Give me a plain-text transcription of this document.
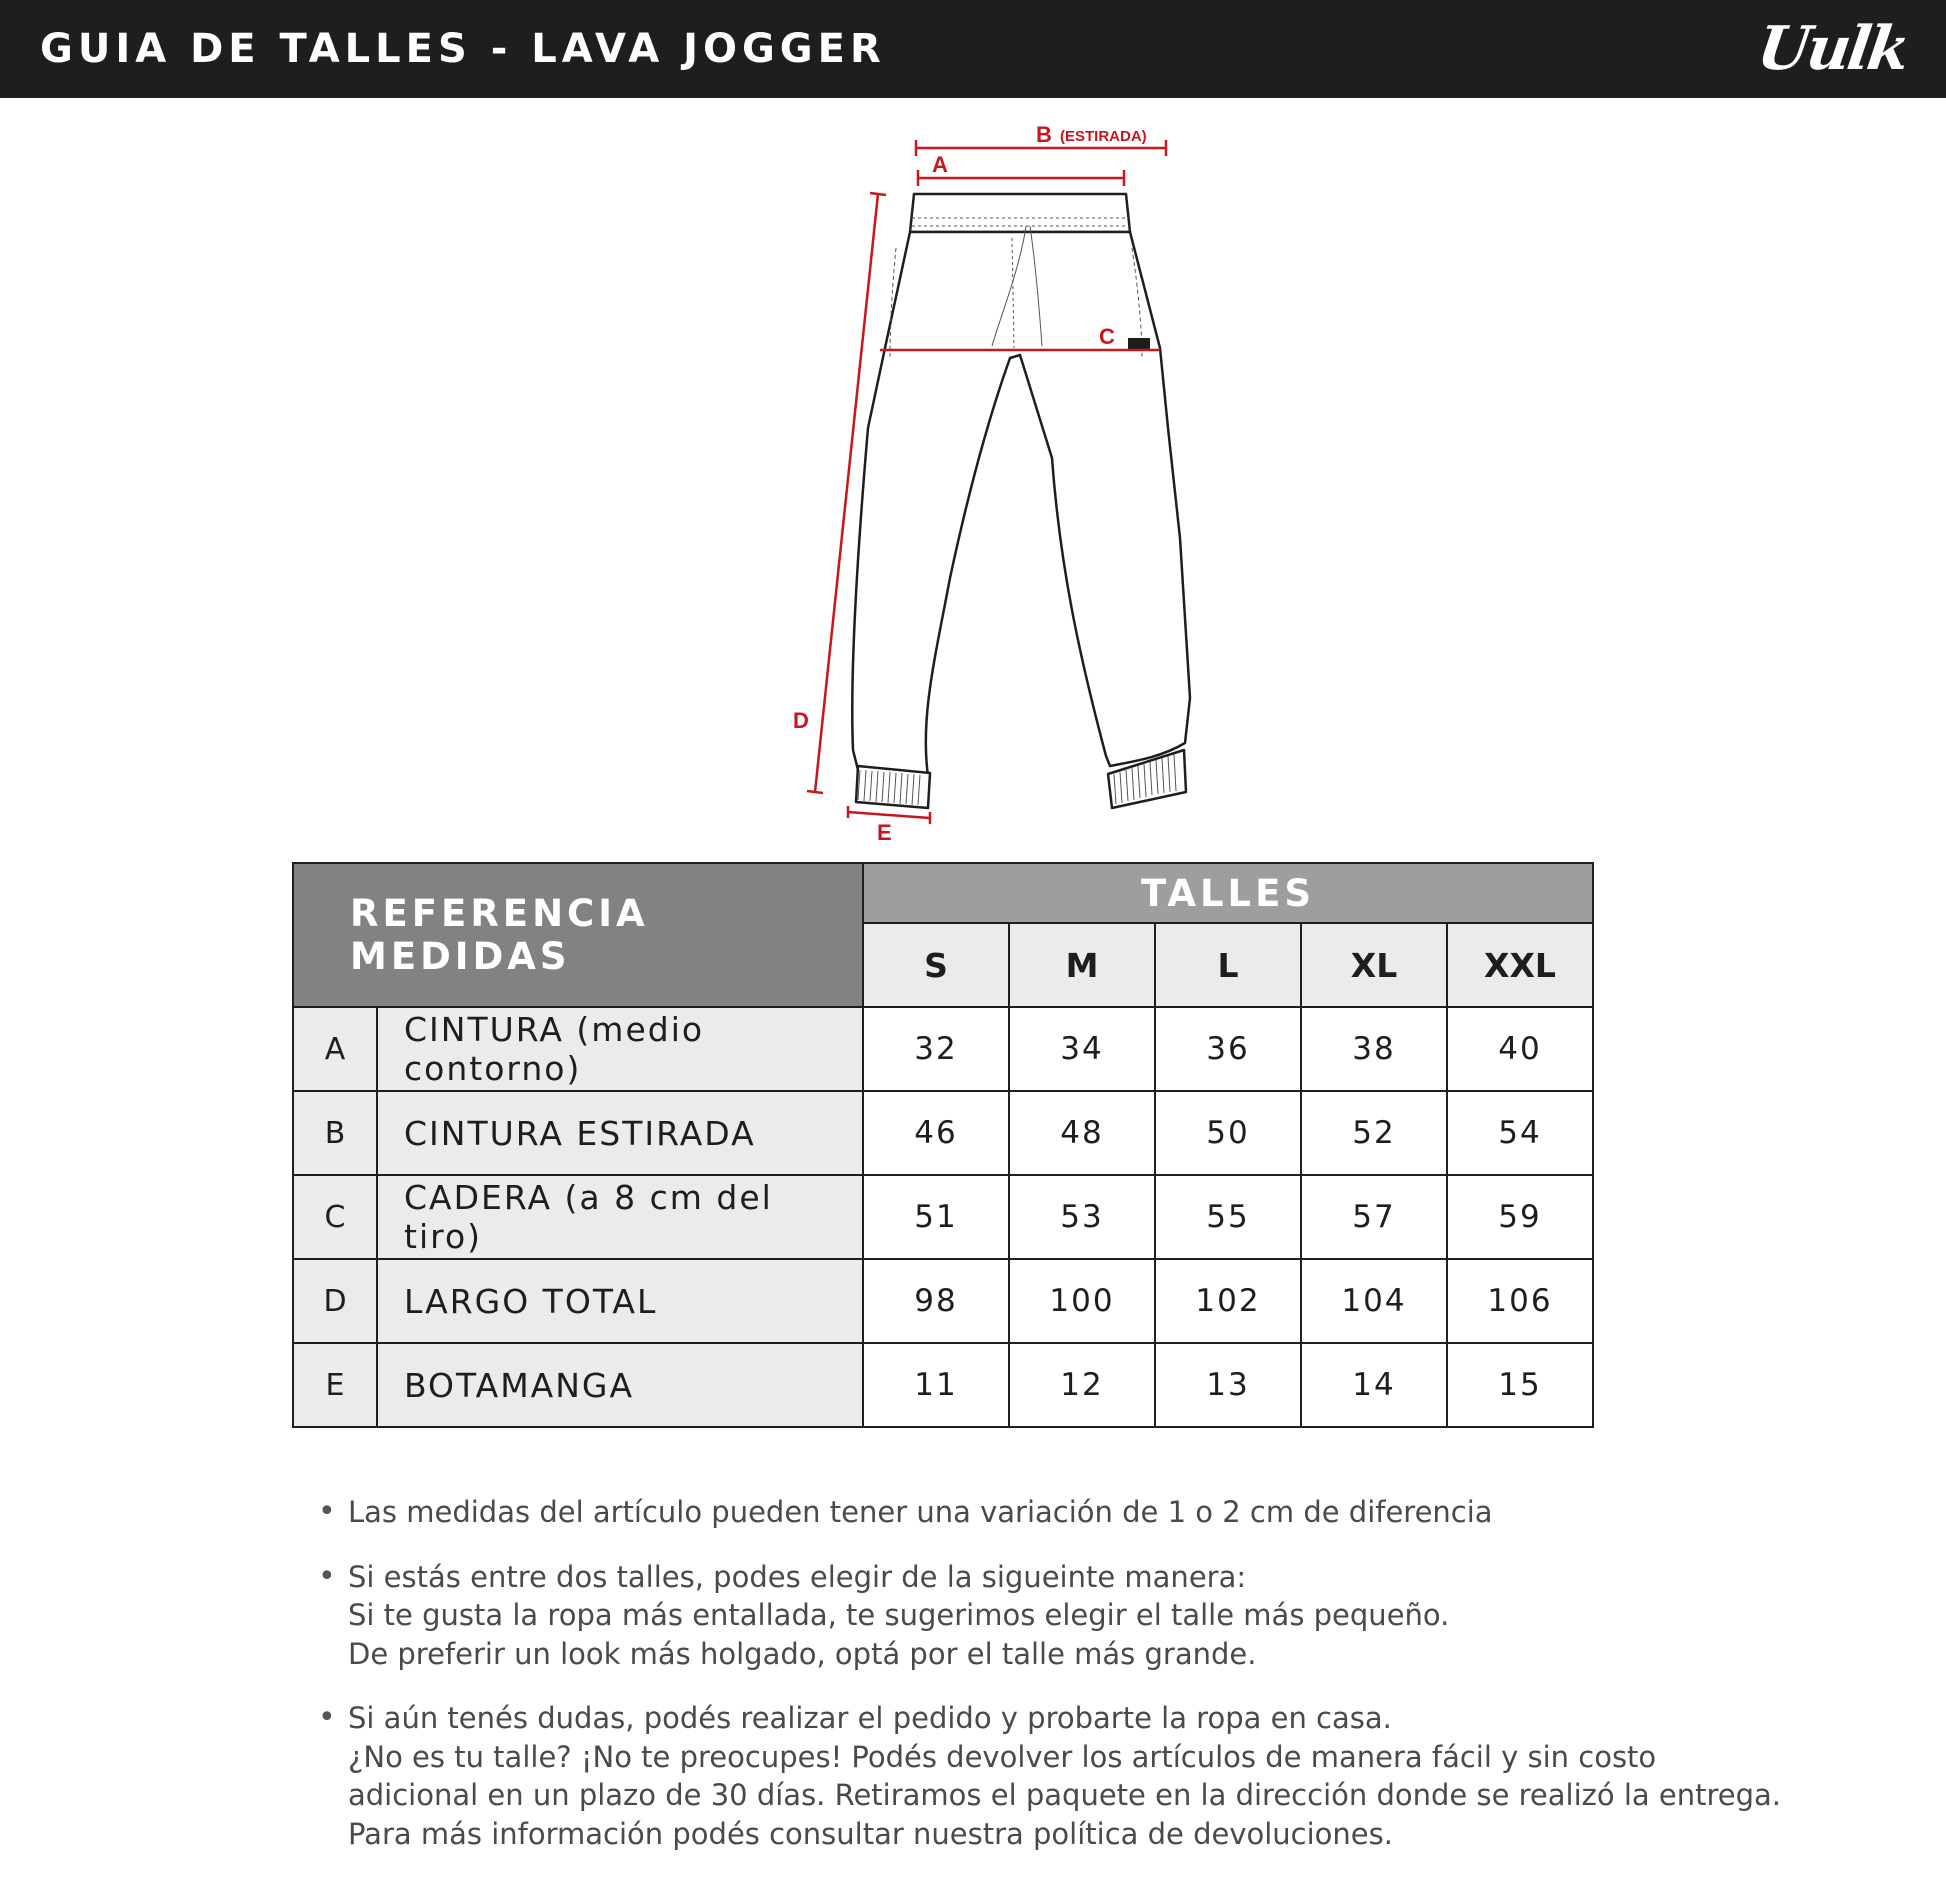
GUIA DE TALLES - LAVA JOGGER	Uulk
B (ESTIRADA)
A
C
D
E
REFERENCIA MEDIDAS		TALLES				
		S	M	L	XL	XXL
A	CINTURA (medio contorno)	32	34	36	38	40
B	CINTURA ESTIRADA	46	48	50	52	54
C	CADERA (a 8 cm del tiro)	51	53	55	57	59
D	LARGO TOTAL	98	100	102	104	106
E	BOTAMANGA	11	12	13	14	15
• Las medidas del artículo pueden tener una variación de 1 o 2 cm de diferencia
• Si estás entre dos talles, podes elegir de la sigueinte manera:
Si te gusta la ropa más entallada, te sugerimos elegir el talle más pequeño.
De preferir un look más holgado, optá por el talle más grande.
• Si aún tenés dudas, podés realizar el pedido y probarte la ropa en casa.
¿No es tu talle? ¡No te preocupes! Podés devolver los artículos de manera fácil y sin costo
adicional en un plazo de 30 días. Retiramos el paquete en la dirección donde se realizó la entrega.
Para más información podés consultar nuestra política de devoluciones.
